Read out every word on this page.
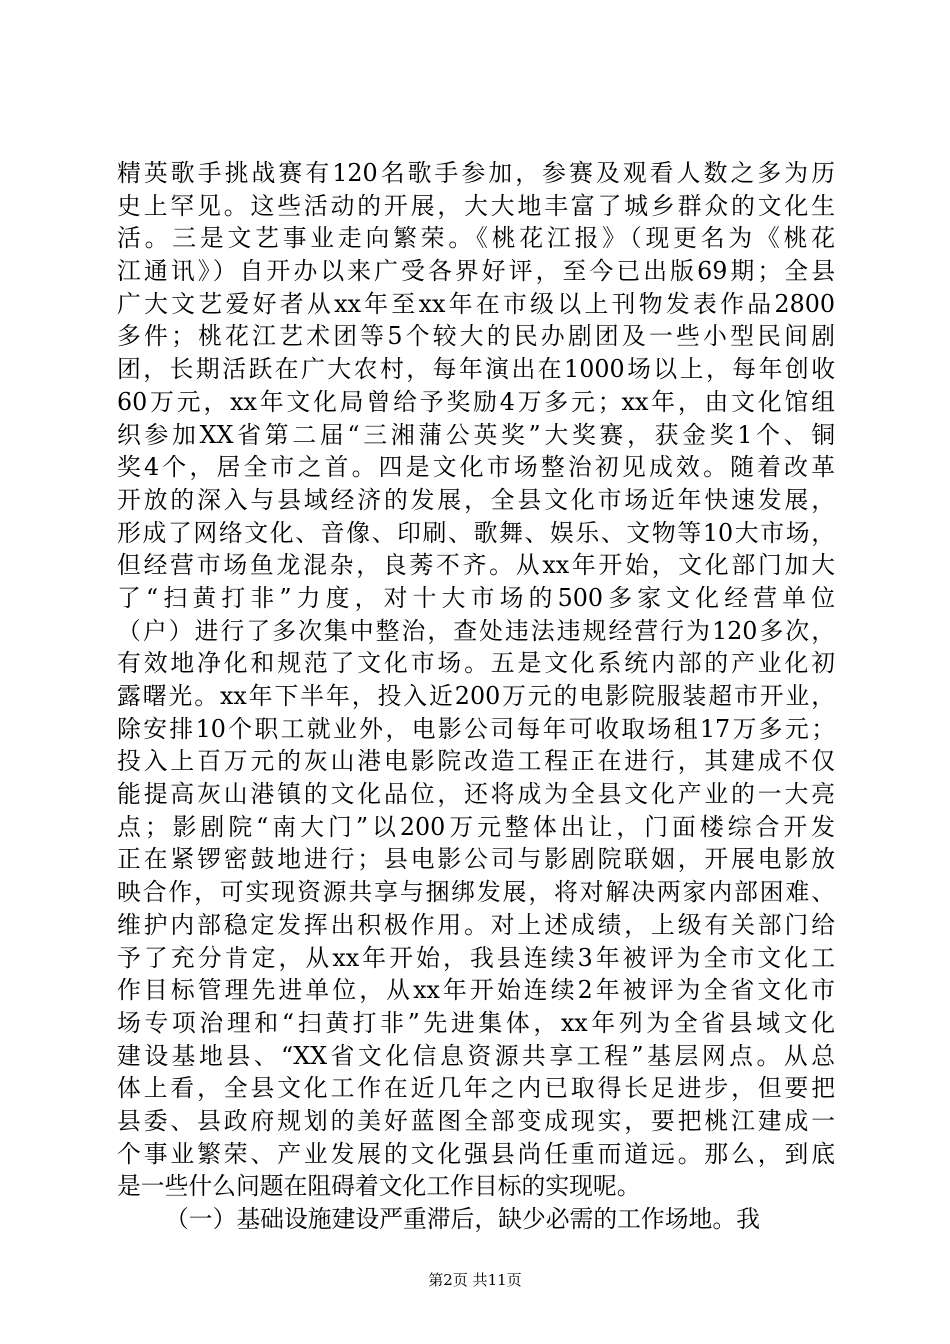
精英歌手挑战赛有120名歌手参加，参赛及观看人数之多为历
史上罕见。这些活动的开展，大大地丰富了城乡群众的文化生
活。三是文艺事业走向繁荣。《桃花江报》（现更名为《桃花
江通讯》）自开办以来广受各界好评，至今已出版69期；全县
广大文艺爱好者从xx年至xx年在市级以上刊物发表作品2800
多件；桃花江艺术团等5个较大的民办剧团及一些小型民间剧
团，长期活跃在广大农村，每年演出在1000场以上，每年创收
60万元，xx年文化局曾给予奖励4万多元；xx年，由文化馆组
织参加XX省第二届“三湘蒲公英奖”大奖赛，获金奖1个、铜
奖4个，居全市之首。四是文化市场整治初见成效。随着改革
开放的深入与县域经济的发展，全县文化市场近年快速发展，
形成了网络文化、音像、印刷、歌舞、娱乐、文物等10大市场，
但经营市场鱼龙混杂，良莠不齐。从xx年开始，文化部门加大
了“扫黄打非”力度，对十大市场的500多家文化经营单位
（户）进行了多次集中整治，查处违法违规经营行为120多次，
有效地净化和规范了文化市场。五是文化系统内部的产业化初
露曙光。xx年下半年，投入近200万元的电影院服装超市开业，
除安排10个职工就业外，电影公司每年可收取场租17万多元；
投入上百万元的灰山港电影院改造工程正在进行，其建成不仅
能提高灰山港镇的文化品位，还将成为全县文化产业的一大亮
点；影剧院“南大门”以200万元整体出让，门面楼综合开发
正在紧锣密鼓地进行；县电影公司与影剧院联姻，开展电影放
映合作，可实现资源共享与捆绑发展，将对解决两家内部困难、
维护内部稳定发挥出积极作用。对上述成绩，上级有关部门给
予了充分肯定，从xx年开始，我县连续3年被评为全市文化工
作目标管理先进单位，从xx年开始连续2年被评为全省文化市
场专项治理和“扫黄打非”先进集体，xx年列为全省县域文化
建设基地县、“XX省文化信息资源共享工程”基层网点。从总
体上看，全县文化工作在近几年之内已取得长足进步，但要把
县委、县政府规划的美好蓝图全部变成现实，要把桃江建成一
个事业繁荣、产业发展的文化强县尚任重而道远。那么，到底
是一些什么问题在阻碍着文化工作目标的实现呢。
（一）基础设施建设严重滞后，缺少必需的工作场地。我
第2页 共11页
